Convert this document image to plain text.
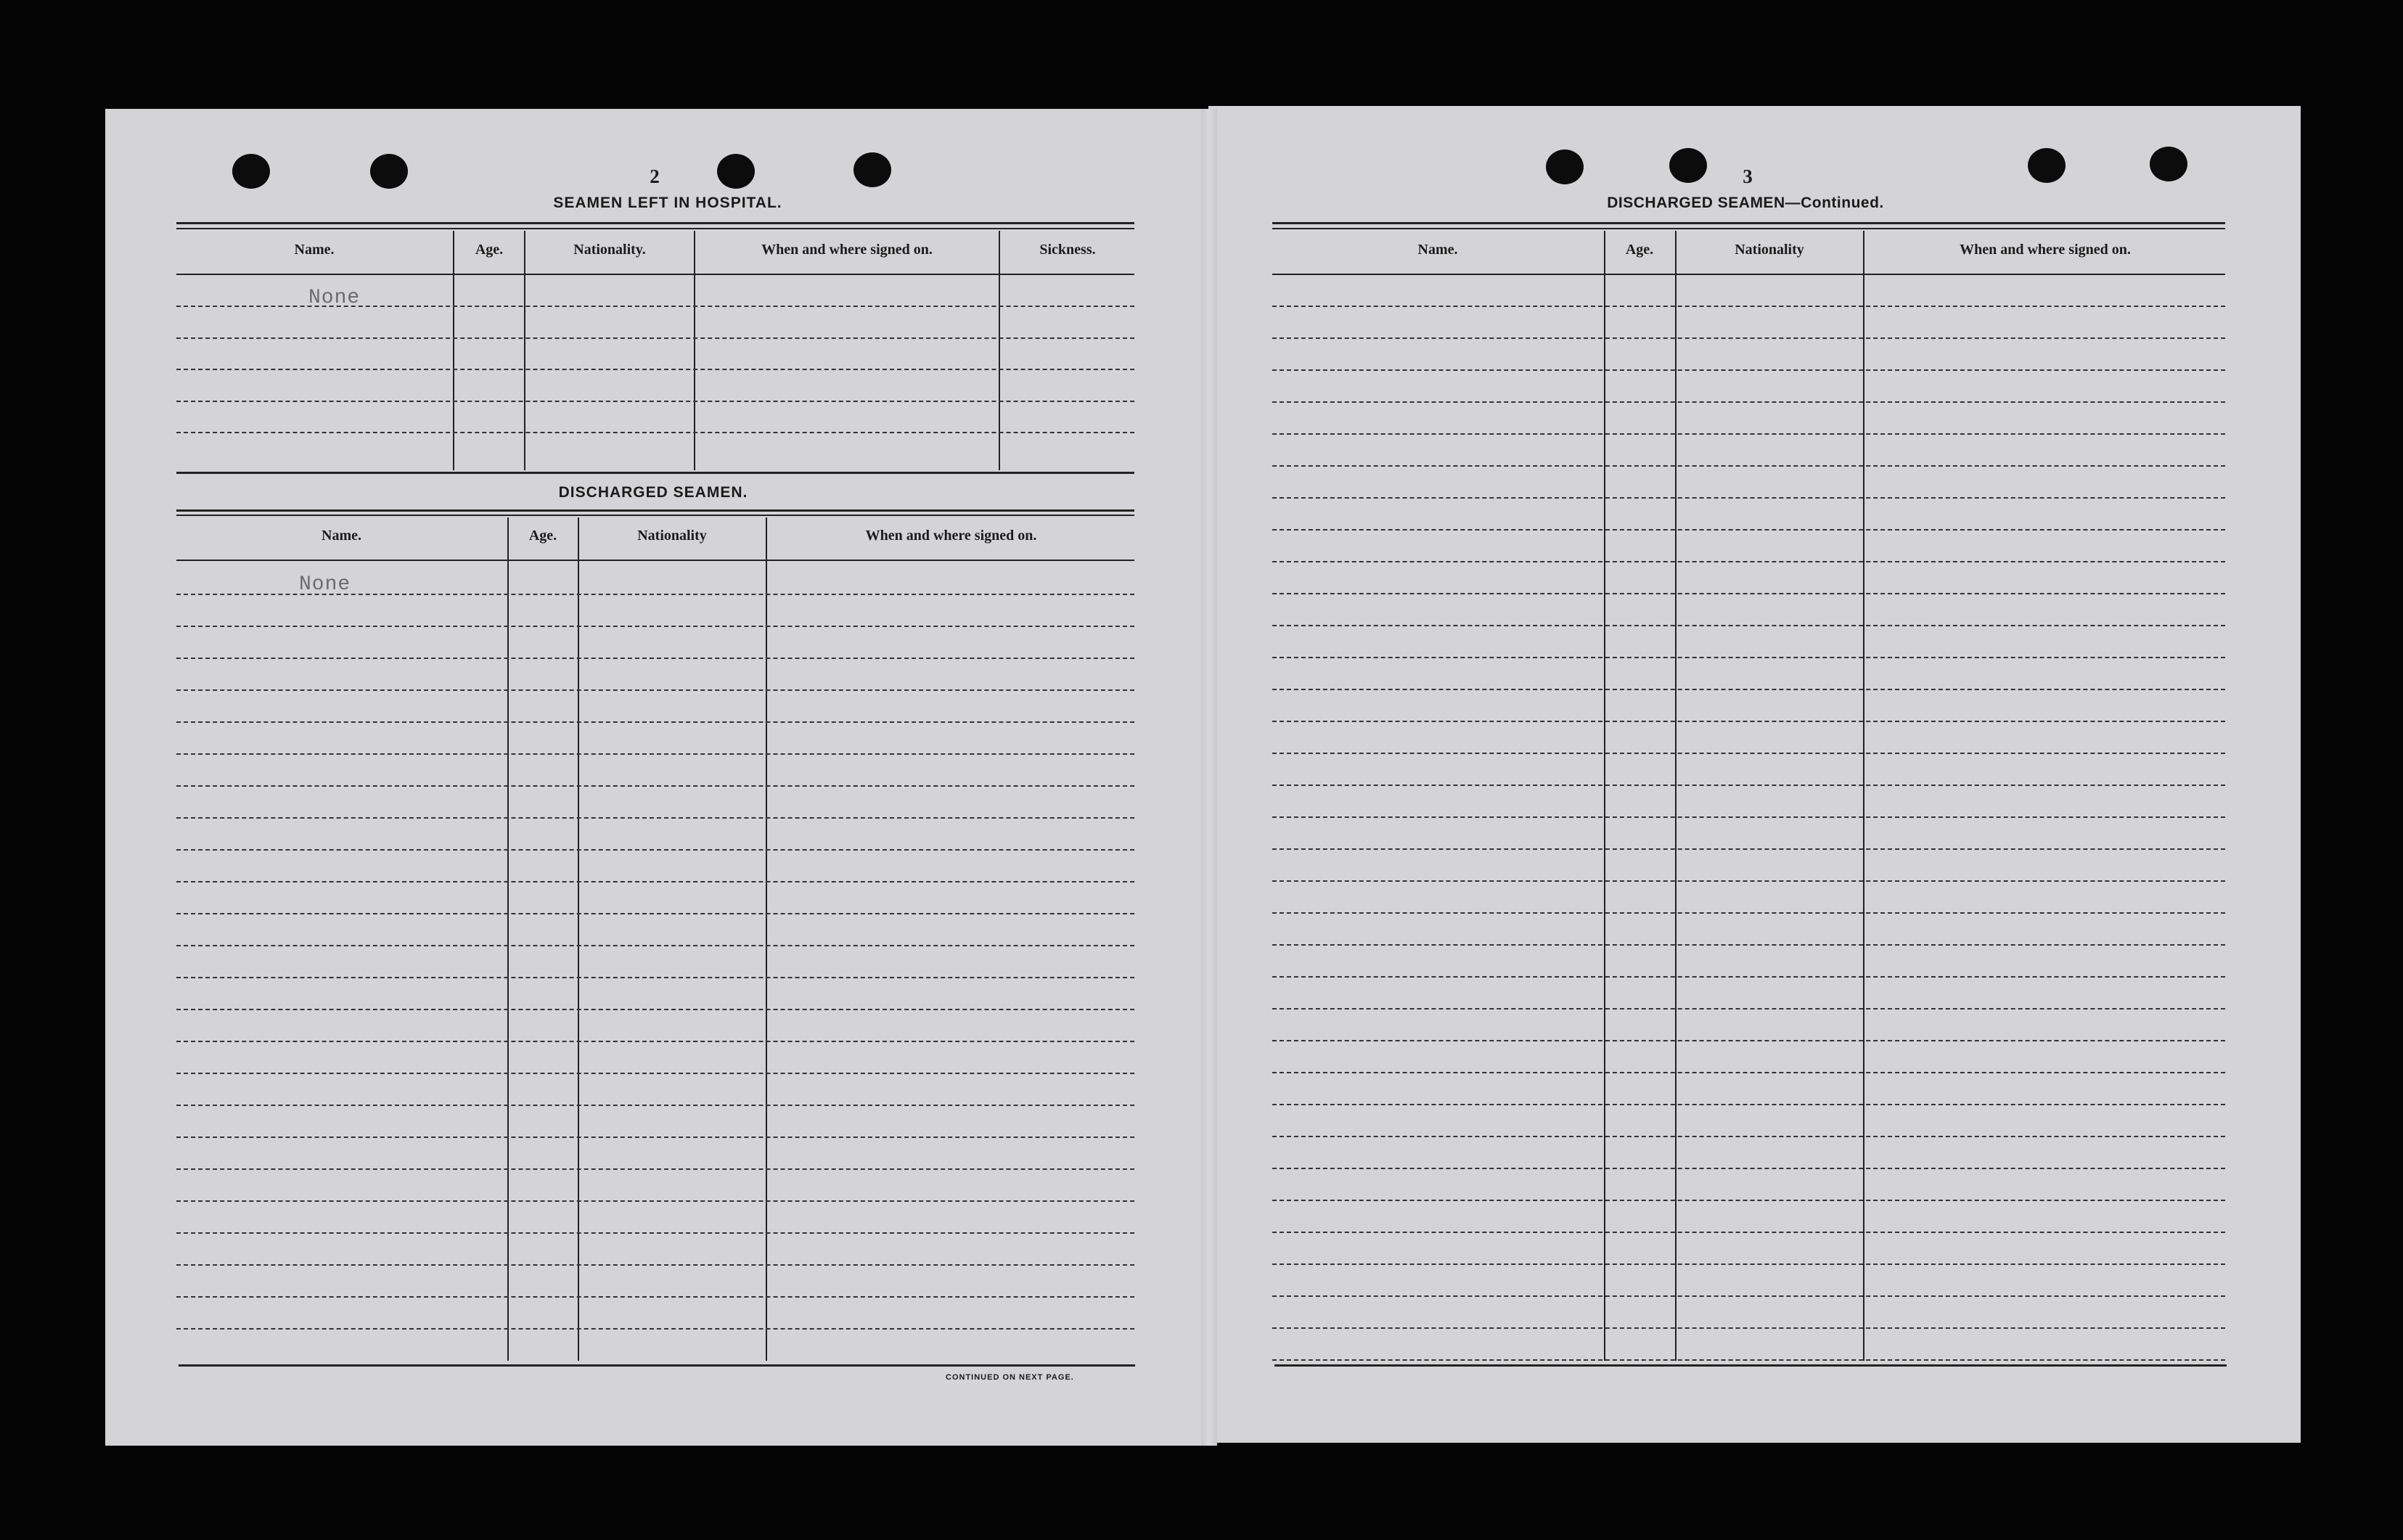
2
SEAMEN LEFT IN HOSPITAL.
Name.	Age.	Nationality.	When and where signed on.	Sickness.
None
DISCHARGED SEAMEN.
Name.	Age.	Nationality	When and where signed on.
None
CONTINUED ON NEXT PAGE.
3
DISCHARGED SEAMEN—Continued.
Name.	Age.	Nationality	When and where signed on.
